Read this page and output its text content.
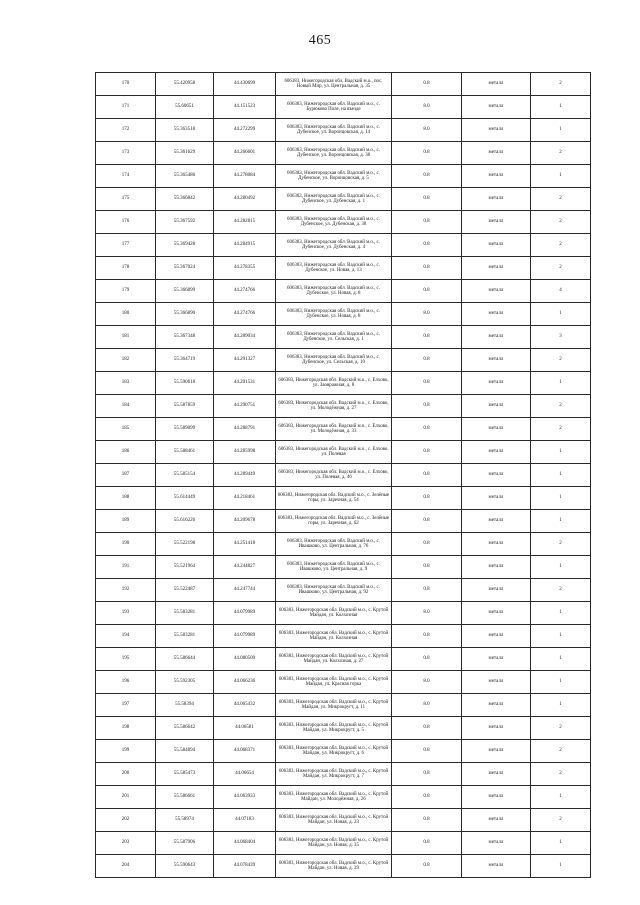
465
170	55.420958	44.430699	606383, Нижегородская обл. Вадский м.о., пос. Новый Мир, ул. Центральная, д. 35	0.8	металл	2
171	55.60651	44.151523	606383, Нижегородская обл. Вадский м.о., с. Бурюково Поле, на въезде	8.0	металл	1
172	55.363518	44.272299	606383, Нижегородская обл. Вадский м.о., с. Дубенское, ул. Воронцовская, д. 14	8.0	металл	1
173	55.361629	44.266601	606383, Нижегородская обл. Вадский м.о., с. Дубенское, ул. Воронцовская, д. 38	0.8	металл	2
174	55.365486	44.278084	606383, Нижегородская обл. Вадский м.о., с. Дубенское, ул. Воронцовская, д. 5	0.8	металл	1
175	55.366842	44.280492	606383, Нижегородская обл. Вадский м.о., с. Дубенское, ул. Дубенская, д. 1	0.8	металл	2
176	55.367592	44.282815	606383, Нижегородская обл. Вадский м.о., с. Дубенское, ул. Дубенская, д. 38	0.8	металл	2
177	55.369428	44.284915	606383, Нижегородская обл. Вадский м.о., с. Дубенское, ул. Дубенская, д. 4	0.8	металл	2
178	55.367024	44.278355	606383, Нижегородская обл. Вадский м.о., с. Дубенское, ул. Новая, д. 13	0.8	металл	2
179	55.366899	44.274766	606383, Нижегородская обл. Вадский м.о., с. Дубенское, ул. Новая, д. 8	0.8	металл	4
180	55.366890	44.274766	606383, Нижегородская обл. Вадский м.о., с. Дубенское, ул. Новая, д. 8	8.0	металл	1
181	55.367348	44.289034	606383, Нижегородская обл. Вадский м.о., с. Дубенское, ул. Сельская, д. 1	0.8	металл	3
182	55.364719	44.291327	606383, Нижегородская обл. Вадский м.о., с. Дубенское, ул. Сельская, д. 10	0.8	металл	2
183	55.590618	44.201531	606383, Нижегородская обл. Вадский м.о., с. Елхово, ул. Заовражная, д. 8	0.8	металл	1
184	55.587859	44.290751	606383, Нижегородская обл. Вадский м.о., с. Елхово, ул. Молодёжная, д. 27	0.8	металл	2
185	55.589099	44.288791	606383, Нижегородская обл. Вадский м.о., с. Елхово, ул. Молодёжная, д. 33	0.8	металл	2
186	55.588461	44.285998	606383, Нижегородская обл. Вадский м.о., с. Елхово, ул. Полевая	0.8	металл	1
187	55.585154	44.289449	606383, Нижегородская обл. Вадский м.о., с. Елхово, ул. Полевая, д. 46	0.8	металл	1
188	55.614449	44.218461	606383, Нижегородская обл. Вадский м.о., с. Зелёные горы, ул. Заречная, д. 54	0.8	металл	1
189	55.616226	44.209678	606383, Нижегородская обл. Вадский м.о., с. Зелёные горы, ул. Заречная, д. 62	0.8	металл	1
190	55.522198	44.251418	606383, Нижегородская обл. Вадский м.о., с. Ивашково, ул. Центральная, д. 76	0.8	металл	2
191	55.521964	44.244827	606383, Нижегородская обл. Вадский м.о., с. Ивашково, ул. Центральная, д. 9	0.8	металл	1
192	55.522487	44.247744	606383, Нижегородская обл. Вадский м.о., с. Ивашково, ул. Центральная, д. 92	0.8	металл	2
193	55.583281	44.079989	606383, Нижегородская обл. Вадский м.о., с. Крутой Майдан, ул. Колхозная	8.0	металл	1
194	55.583281	44.079989	606383, Нижегородская обл. Вадский м.о., с. Крутой Майдан, ул. Колхозная	0.8	металл	1
195	55.586644	44.080509	606383, Нижегородская обл. Вадский м.о., с. Крутой Майдан, ул. Колхозная, д. 27	0.8	металл	1
196	55.592305	44.066236	606383, Нижегородская обл. Вадский м.о., с. Крутой Майдан, ул. Красная горка	8.0	металл	1
197	55.58394	44.065432	606383, Нижегородская обл. Вадский м.о., с. Крутой Майдан, ул. Микрокругт, д. 11	8.0	металл	1
198	55.586642	44.06581	606383, Нижегородская обл. Вадский м.о., с. Крутой Майдан, ул. Микрокругт, д. 5	0.8	металл	2
199	55.584894	44.068371	606383, Нижегородская обл. Вадский м.о., с. Крутой Майдан, ул. Микрокругт, д. 6	0.8	металл	2
200	55.585473	44.06654	606383, Нижегородская обл. Вадский м.о., с. Крутой Майдан, ул. Микрокругт, д. 7	0.8	металл	2
201	55.586661	44.063933	606383, Нижегородская обл. Вадский м.о., с. Крутой Майдан, ул. Молодёжная, д. 26	0.8	металл	1
202	55.58974	44.07183	606383, Нижегородская обл. Вадский м.о., с. Крутой Майдан, ул. Новая, д. 23	0.8	металл	2
203	55.587906	44.068404	606383, Нижегородская обл. Вадский м.о., с. Крутой Майдан, ул. Новая, д. 35	0.8	металл	1
204	55.590643	44.078439	606383, Нижегородская обл. Вадский м.о., с. Крутой Майдан, ул. Новая, д. 39	0.8	металл	1
